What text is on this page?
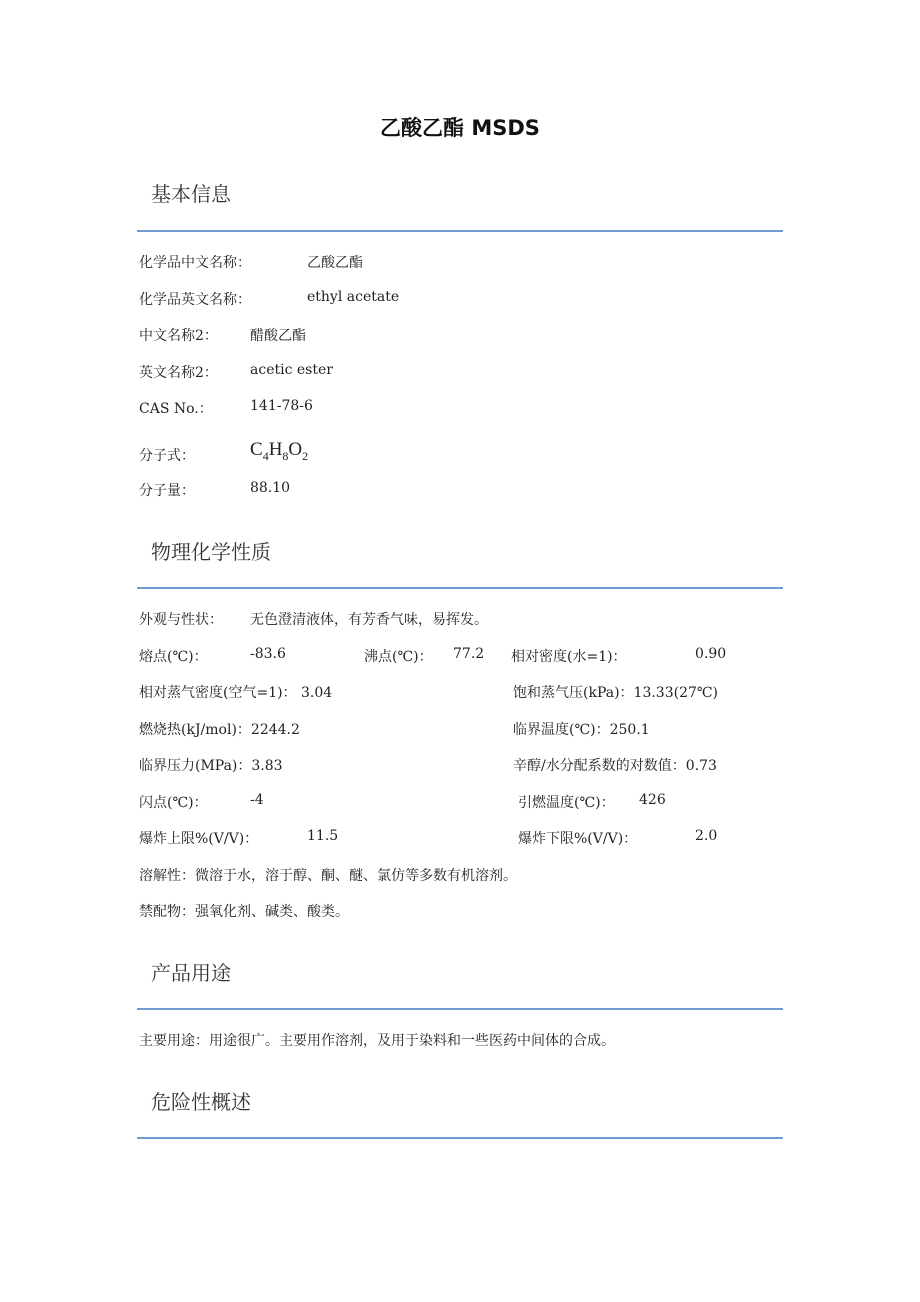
乙酸乙酯 MSDS
基本信息
化学品中文名称：	乙酸乙酯
化学品英文名称：	ethyl acetate
中文名称2： 醋酸乙酯
英文名称2： acetic ester
CAS No.：	141-78-6
分子式：	$C_4H_8O_2$
分子量：	88.10
物理化学性质
外观与性状： 无色澄清液体，有芳香气味，易挥发。
熔点(℃)：	-83.6	沸点(℃)： 77.2 相对密度(水=1)：	0.90
相对蒸气密度(空气=1)： 3.04	饱和蒸气压(kPa)：13.33(27℃)
燃烧热(kJ/mol)：2244.2	临界温度(℃)：250.1
临界压力(MPa)：3.83	辛醇/水分配系数的对数值：0.73
闪点(℃)：	-4	引燃温度(℃)： 426
爆炸上限%(V/V)：	11.5	爆炸下限%(V/V)：	2.0
溶解性：微溶于水，溶于醇、酮、醚、氯仿等多数有机溶剂。
禁配物：强氧化剂、碱类、酸类。
产品用途
主要用途：用途很广。主要用作溶剂，及用于染料和一些医药中间体的合成。
危险性概述
